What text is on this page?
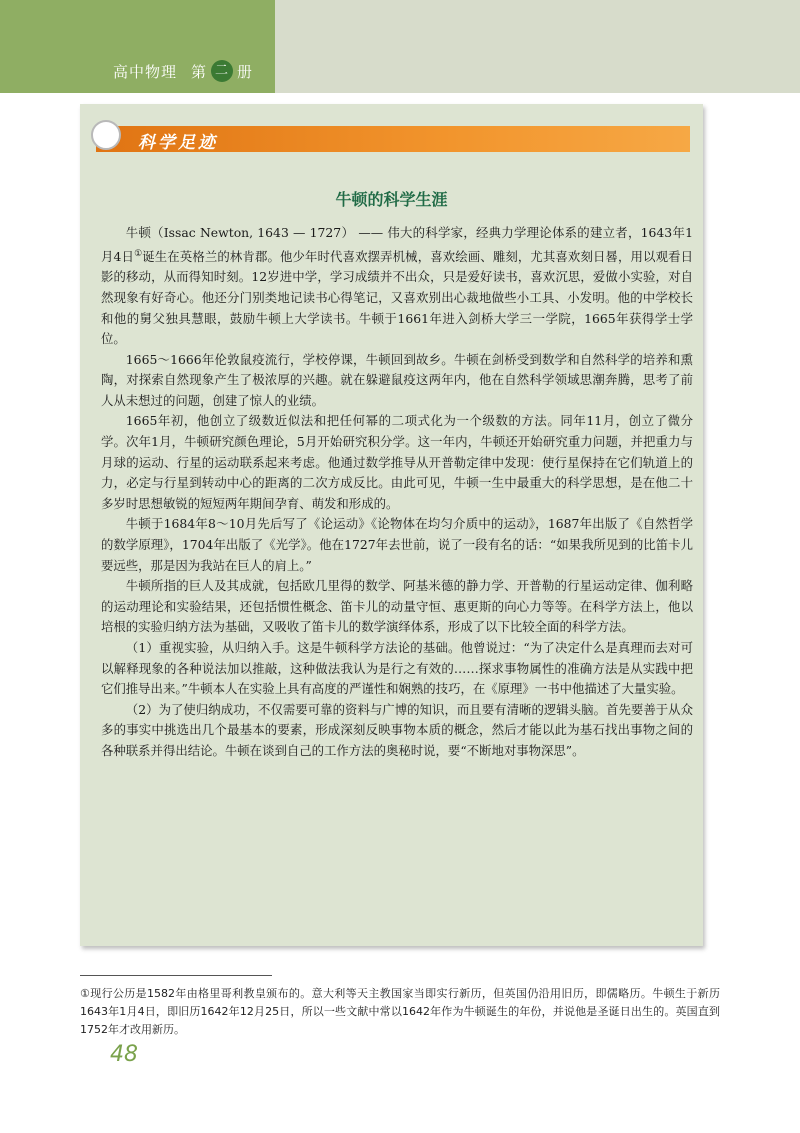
高中物理 第 二 册
科学足迹
牛顿的科学生涯

牛顿（Issac Newton, 1643 — 1727） —— 伟大的科学家，经典力学理论体系的建立者，1643年1月4日①诞生在英格兰的林肯郡。他少年时代喜欢摆弄机械，喜欢绘画、雕刻，尤其喜欢刻日晷，用以观看日影的移动，从而得知时刻。12岁进中学，学习成绩并不出众，只是爱好读书，喜欢沉思，爱做小实验，对自然现象有好奇心。他还分门别类地记读书心得笔记，又喜欢别出心裁地做些小工具、小发明。他的中学校长和他的舅父独具慧眼，鼓励牛顿上大学读书。牛顿于1661年进入剑桥大学三一学院，1665年获得学士学位。

1665～1666年伦敦鼠疫流行，学校停课，牛顿回到故乡。牛顿在剑桥受到数学和自然科学的培养和熏陶，对探索自然现象产生了极浓厚的兴趣。就在躲避鼠疫这两年内，他在自然科学领域思潮奔腾，思考了前人从未想过的问题，创建了惊人的业绩。

1665年初，他创立了级数近似法和把任何幂的二项式化为一个级数的方法。同年11月，创立了微分学。次年1月，牛顿研究颜色理论，5月开始研究积分学。这一年内，牛顿还开始研究重力问题，并把重力与月球的运动、行星的运动联系起来考虑。他通过数学推导从开普勒定律中发现：使行星保持在它们轨道上的力，必定与行星到转动中心的距离的二次方成反比。由此可见，牛顿一生中最重大的科学思想，是在他二十多岁时思想敏锐的短短两年期间孕育、萌发和形成的。

牛顿于1684年8～10月先后写了《论运动》《论物体在均匀介质中的运动》，1687年出版了《自然哲学的数学原理》，1704年出版了《光学》。他在1727年去世前，说了一段有名的话：“如果我所见到的比笛卡儿要远些，那是因为我站在巨人的肩上。”

牛顿所指的巨人及其成就，包括欧几里得的数学、阿基米德的静力学、开普勒的行星运动定律、伽利略的运动理论和实验结果，还包括惯性概念、笛卡儿的动量守恒、惠更斯的向心力等等。在科学方法上，他以培根的实验归纳方法为基础，又吸收了笛卡儿的数学演绎体系，形成了以下比较全面的科学方法。

（1）重视实验，从归纳入手。这是牛顿科学方法论的基础。他曾说过：“为了决定什么是真理而去对可以解释现象的各种说法加以推敲，这种做法我认为是行之有效的……探求事物属性的准确方法是从实践中把它们推导出来。”牛顿本人在实验上具有高度的严谨性和娴熟的技巧，在《原理》一书中他描述了大量实验。

（2）为了使归纳成功，不仅需要可靠的资料与广博的知识，而且要有清晰的逻辑头脑。首先要善于从众多的事实中挑选出几个最基本的要素，形成深刻反映事物本质的概念，然后才能以此为基石找出事物之间的各种联系并得出结论。牛顿在谈到自己的工作方法的奥秘时说，要“不断地对事物深思”。

①现行公历是1582年由格里哥利教皇颁布的。意大利等天主教国家当即实行新历，但英国仍沿用旧历，即儒略历。牛顿生于新历1643年1月4日，即旧历1642年12月25日，所以一些文献中常以1642年作为牛顿诞生的年份，并说他是圣诞日出生的。英国直到1752年才改用新历。
48
